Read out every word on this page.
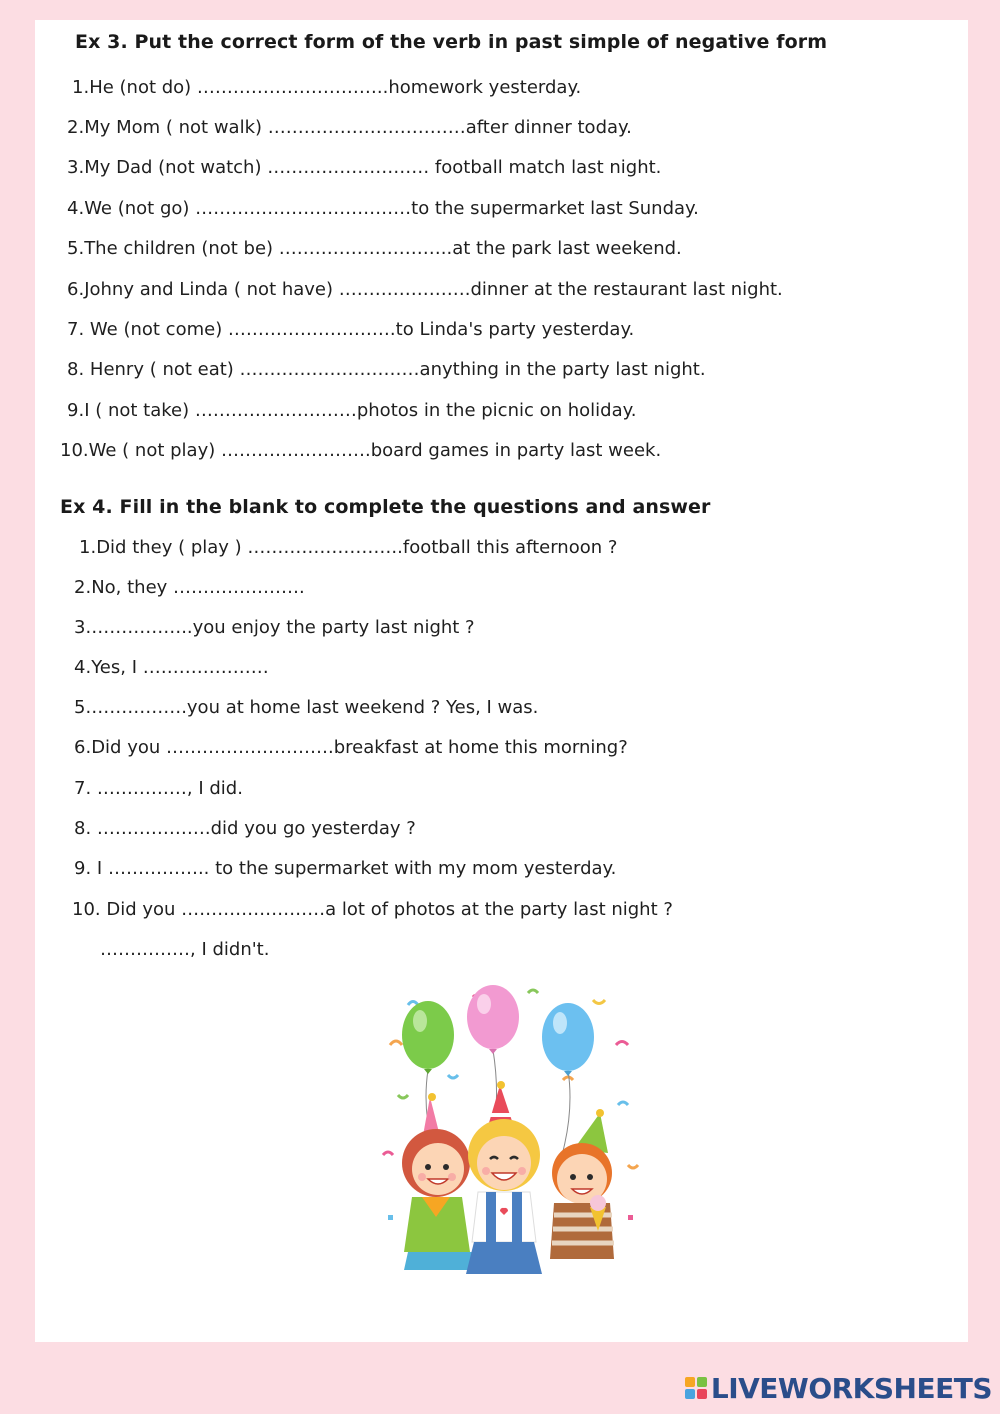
Ex 3. Put the correct form of the verb in past simple of negative form
1.He (not do) …………………………..homework yesterday.
2.My Mom ( not walk) ……………………………after dinner today.
3.My Dad (not watch) ……………………… football match last night.
4.We (not go) ………………………………to the supermarket last Sunday.
5.The children (not be) ………………………..at the park last weekend.
6.Johny and Linda ( not have) ………………….dinner at the restaurant last night.
7. We (not come) ……………………….to Linda's party yesterday.
8. Henry ( not eat) …………………………anything in the party last night.
9.I ( not take) ………………………photos in the picnic on holiday.
10.We ( not play) …………………….board games in party last week.
Ex 4. Fill in the blank to complete the questions and answer
1.Did they ( play ) ……………………..football this afternoon ?
2.No, they ………………….
3.……………..you enjoy the party last night ?
4.Yes, I …………………
5.…………….you at home last weekend ? Yes, I was.
6.Did you ……………………….breakfast at home this morning?
7. ……………, I did.
8. ……………….did you go yesterday ?
9. I …………….. to the supermarket with my mom yesterday.
10. Did you ……………………a lot of photos at the party last night ?
……………, I didn't.
LIVEWORKSHEETS
